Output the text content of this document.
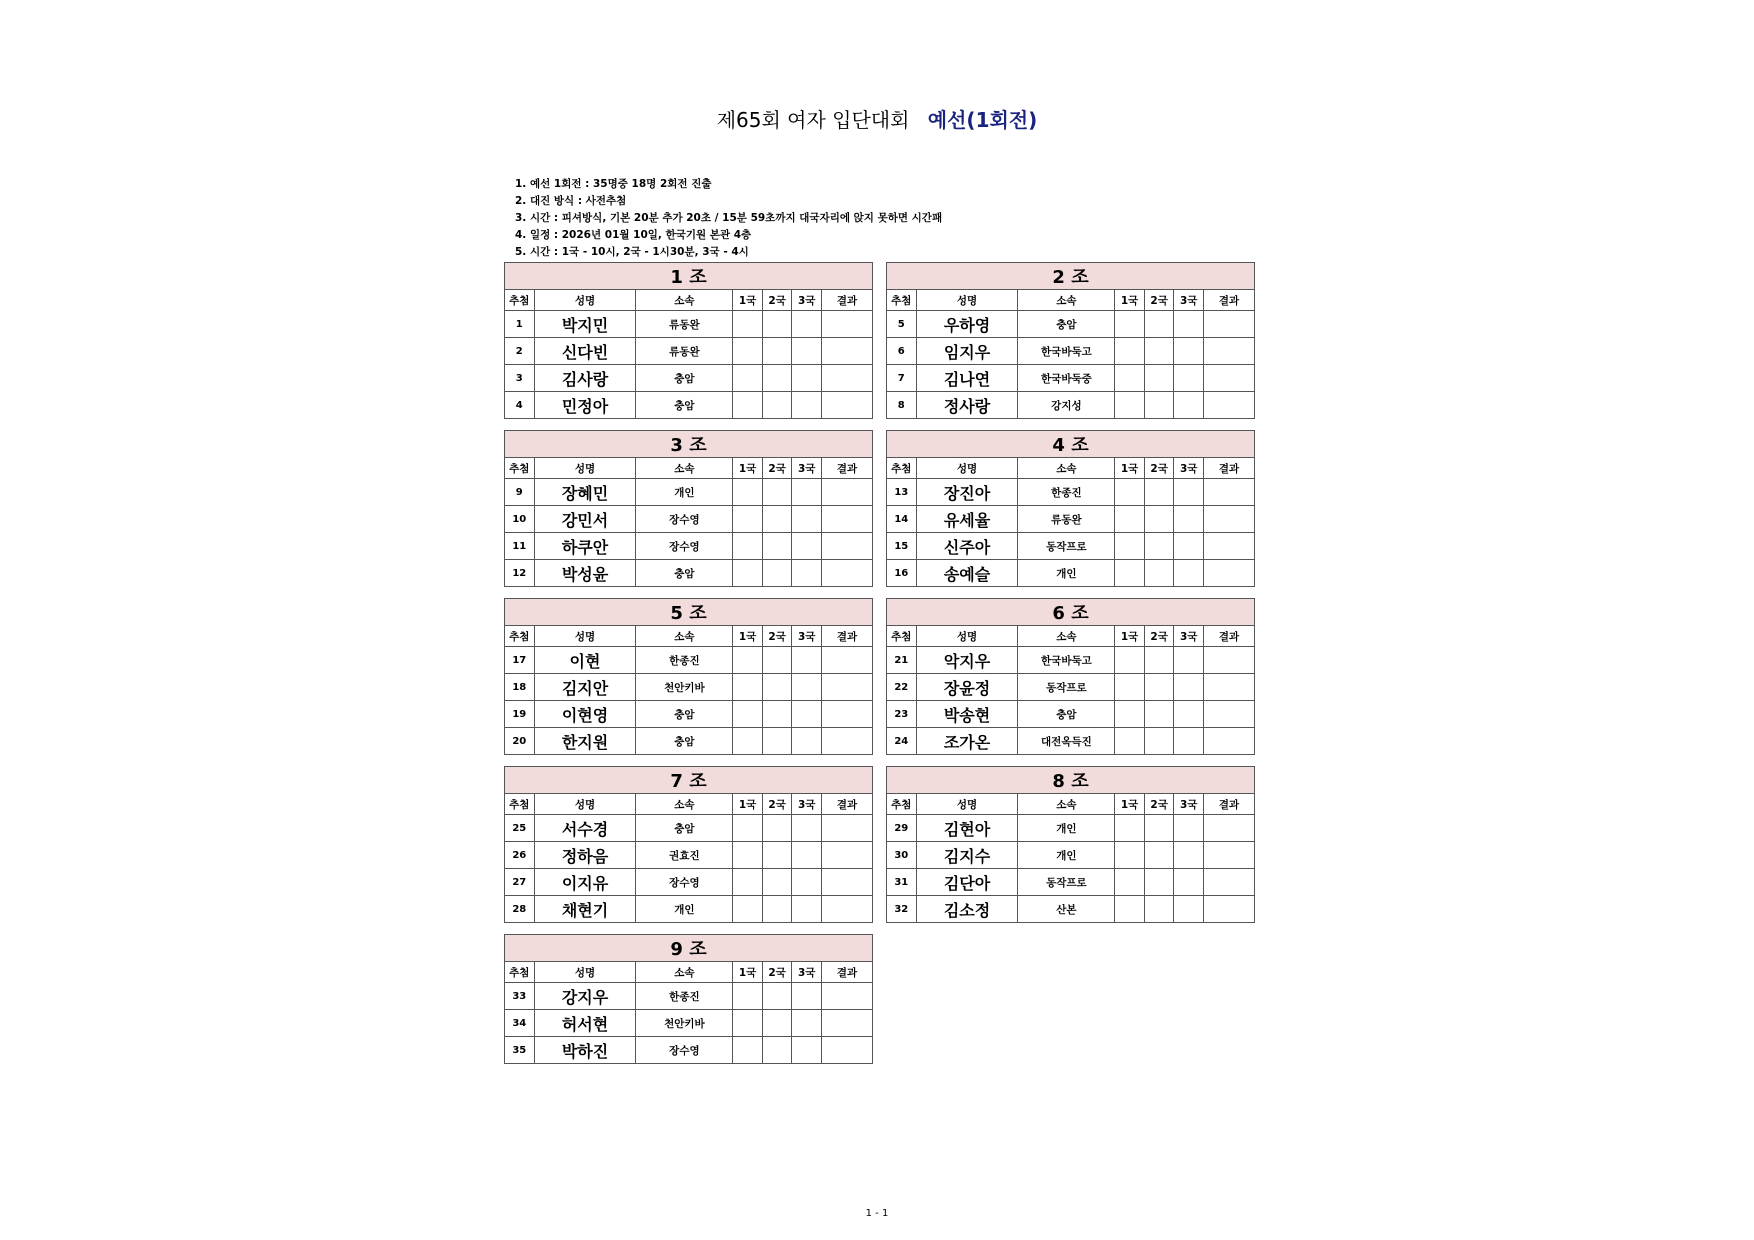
제65회 여자 입단대회 예선(1회전)
1. 예선 1회전 : 35명중 18명 2회전 진출
2. 대진 방식 : 사전추첨
3. 시간 : 피셔방식, 기본 20분 추가 20초 / 15분 59초까지 대국자리에 앉지 못하면 시간패
4. 일정 : 2026년 01월 10일, 한국기원 본관 4층
5. 시간 : 1국 - 10시, 2국 - 1시30분, 3국 - 4시
1 조						
추첨	성명	소속	1국	2국	3국	결과
1	박지민	류동완				
2	신다빈	류동완				
3	김사랑	충암				
4	민정아	충암				
2 조						
추첨	성명	소속	1국	2국	3국	결과
5	우하영	충암				
6	임지우	한국바둑고				
7	김나연	한국바둑중				
8	정사랑	강지성				
3 조						
추첨	성명	소속	1국	2국	3국	결과
9	장혜민	개인				
10	강민서	장수영				
11	하쿠안	장수영				
12	박성윤	충암				
4 조						
추첨	성명	소속	1국	2국	3국	결과
13	장진아	한종진				
14	유세율	류동완				
15	신주아	동작프로				
16	송예슬	개인				
5 조						
추첨	성명	소속	1국	2국	3국	결과
17	이현	한종진				
18	김지안	천안키바				
19	이현영	충암				
20	한지원	충암				
6 조						
추첨	성명	소속	1국	2국	3국	결과
21	악지우	한국바둑고				
22	장윤정	동작프로				
23	박송현	충암				
24	조가온	대전옥득진				
7 조						
추첨	성명	소속	1국	2국	3국	결과
25	서수경	충암				
26	정하음	권효진				
27	이지유	장수영				
28	채현기	개인				
8 조						
추첨	성명	소속	1국	2국	3국	결과
29	김현아	개인				
30	김지수	개인				
31	김단아	동작프로				
32	김소정	산본				
9 조						
추첨	성명	소속	1국	2국	3국	결과
33	강지우	한종진				
34	허서현	천안키바				
35	박하진	장수영				
1 - 1
